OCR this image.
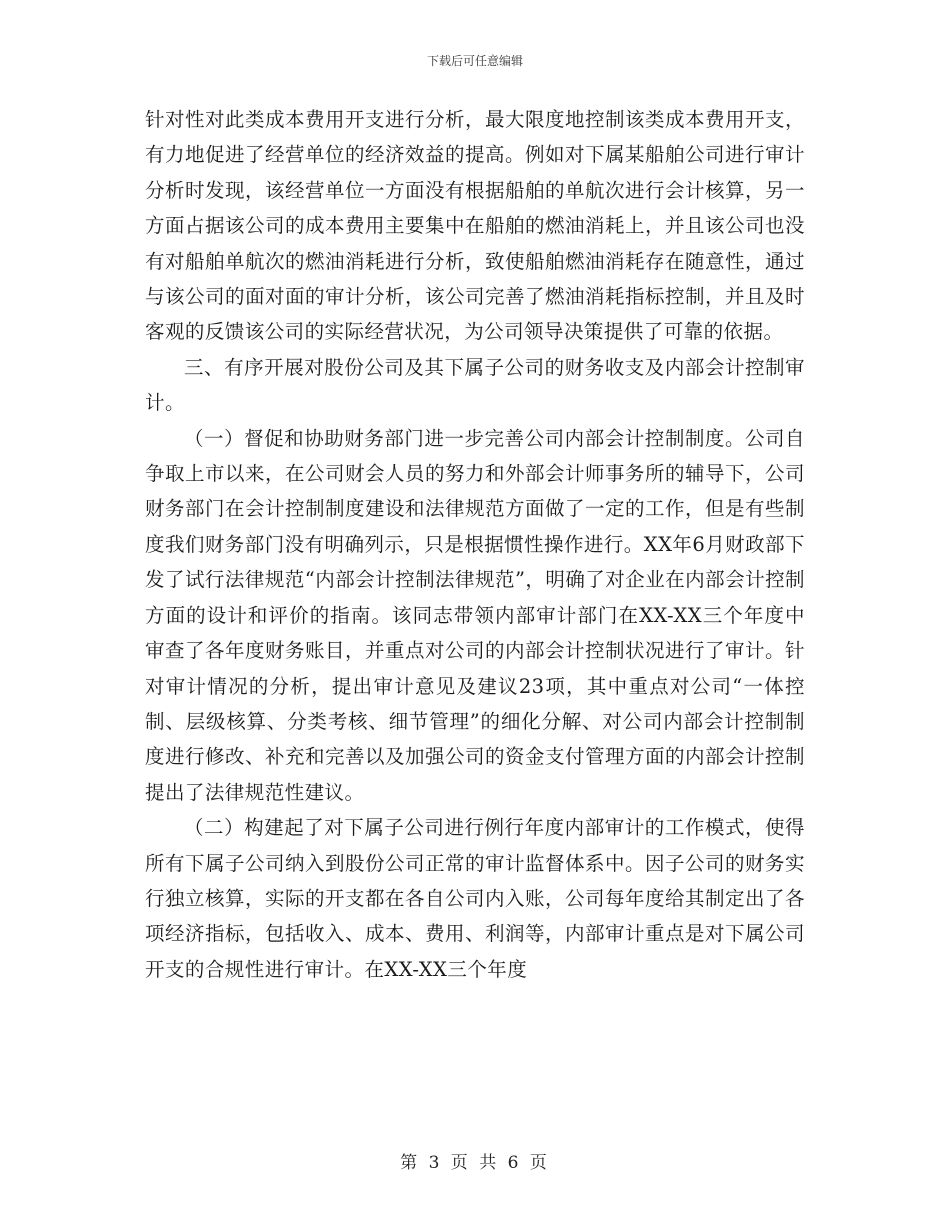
下载后可任意编辑

针对性对此类成本费用开支进行分析，最大限度地控制该类成本费用开支，有力地促进了经营单位的经济效益的提高。例如对下属某船舶公司进行审计分析时发现，该经营单位一方面没有根据船舶的单航次进行会计核算，另一方面占据该公司的成本费用主要集中在船舶的燃油消耗上，并且该公司也没有对船舶单航次的燃油消耗进行分析，致使船舶燃油消耗存在随意性，通过与该公司的面对面的审计分析，该公司完善了燃油消耗指标控制，并且及时客观的反馈该公司的实际经营状况，为公司领导决策提供了可靠的依据。

三、有序开展对股份公司及其下属子公司的财务收支及内部会计控制审计。

（一）督促和协助财务部门进一步完善公司内部会计控制制度。公司自争取上市以来，在公司财会人员的努力和外部会计师事务所的辅导下，公司财务部门在会计控制制度建设和法律规范方面做了一定的工作，但是有些制度我们财务部门没有明确列示，只是根据惯性操作进行。XX年6月财政部下发了试行法律规范“内部会计控制法律规范”，明确了对企业在内部会计控制方面的设计和评价的指南。该同志带领内部审计部门在XX-XX三个年度中审查了各年度财务账目，并重点对公司的内部会计控制状况进行了审计。针对审计情况的分析，提出审计意见及建议23项，其中重点对公司“一体控制、层级核算、分类考核、细节管理”的细化分解、对公司内部会计控制制度进行修改、补充和完善以及加强公司的资金支付管理方面的内部会计控制提出了法律规范性建议。

（二）构建起了对下属子公司进行例行年度内部审计的工作模式，使得所有下属子公司纳入到股份公司正常的审计监督体系中。因子公司的财务实行独立核算，实际的开支都在各自公司内入账，公司每年度给其制定出了各项经济指标，包括收入、成本、费用、利润等，内部审计重点是对下属公司开支的合规性进行审计。在XX-XX三个年度

第 3 页 共 6 页
